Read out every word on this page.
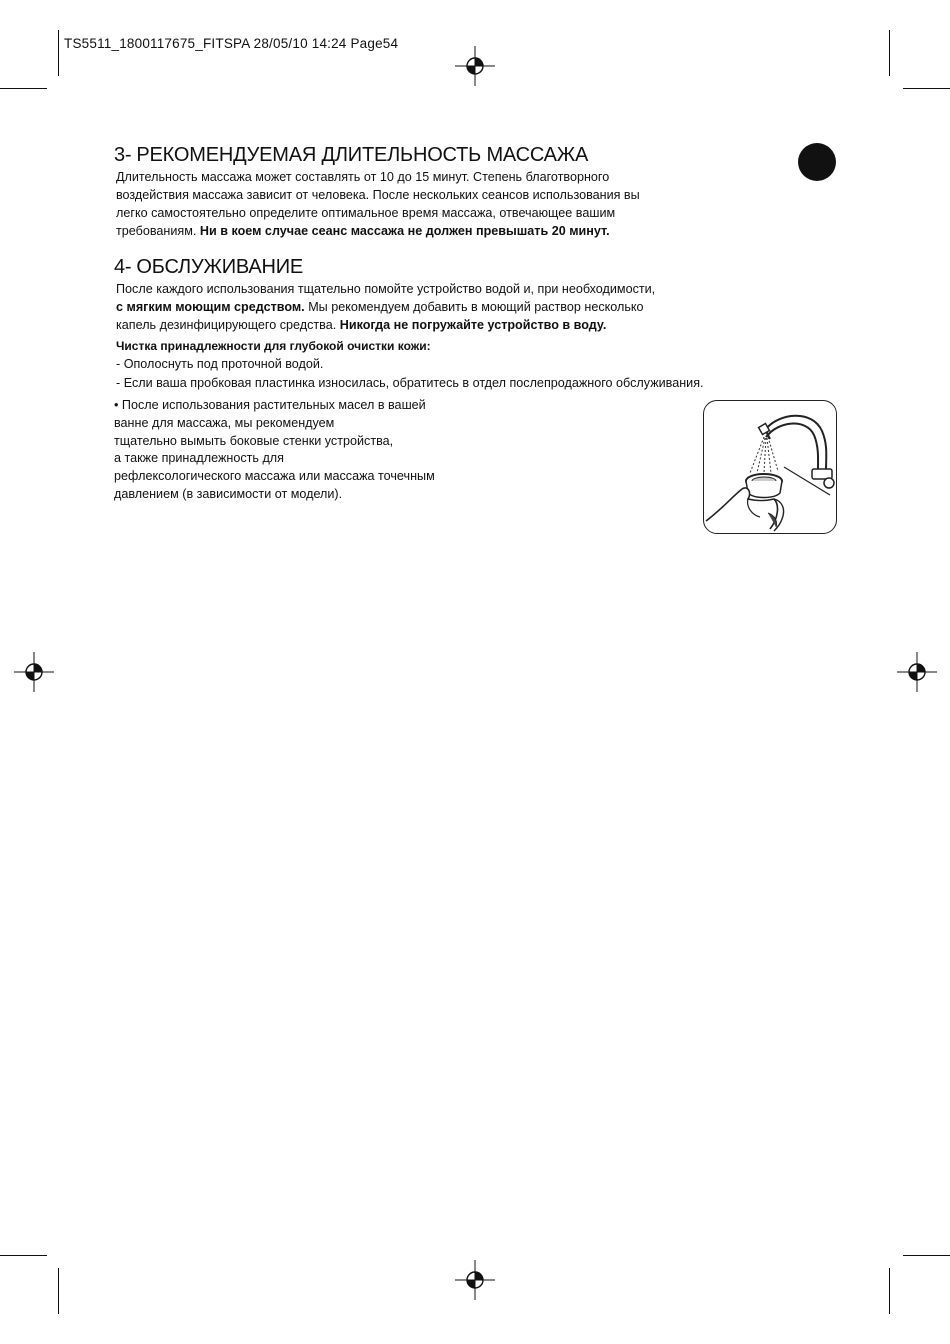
TS5511_1800117675_FITSPA 28/05/10 14:24 Page54
3- РЕКОМЕНДУЕМАЯ ДЛИТЕЛЬНОСТЬ МАССАЖА
Длительность массажа может составлять от 10 до 15 минут. Степень благотворного
воздействия массажа зависит от человека. После нескольких сеансов использования вы
легко самостоятельно определите оптимальное время массажа, отвечающее вашим
требованиям. Ни в коем случае сеанс массажа не должен превышать 20 минут.
4- ОБСЛУЖИВАНИЕ
После каждого использования тщательно помойте устройство водой и, при необходимости,
с мягким моющим средством. Мы рекомендуем добавить в моющий раствор несколько
капель дезинфицирующего средства. Никогда не погружайте устройство в воду.
Чистка принадлежности для глубокой очистки кожи:
- Ополоснуть под проточной водой.
- Если ваша пробковая пластинка износилась, обратитесь в отдел послепродажного обслуживания.
• После использования растительных масел в вашей
ванне для массажа, мы рекомендуем
тщательно вымыть боковые стенки устройства,
а также принадлежность для
рефлексологического массажа или массажа точечным
давлением (в зависимости от модели).
